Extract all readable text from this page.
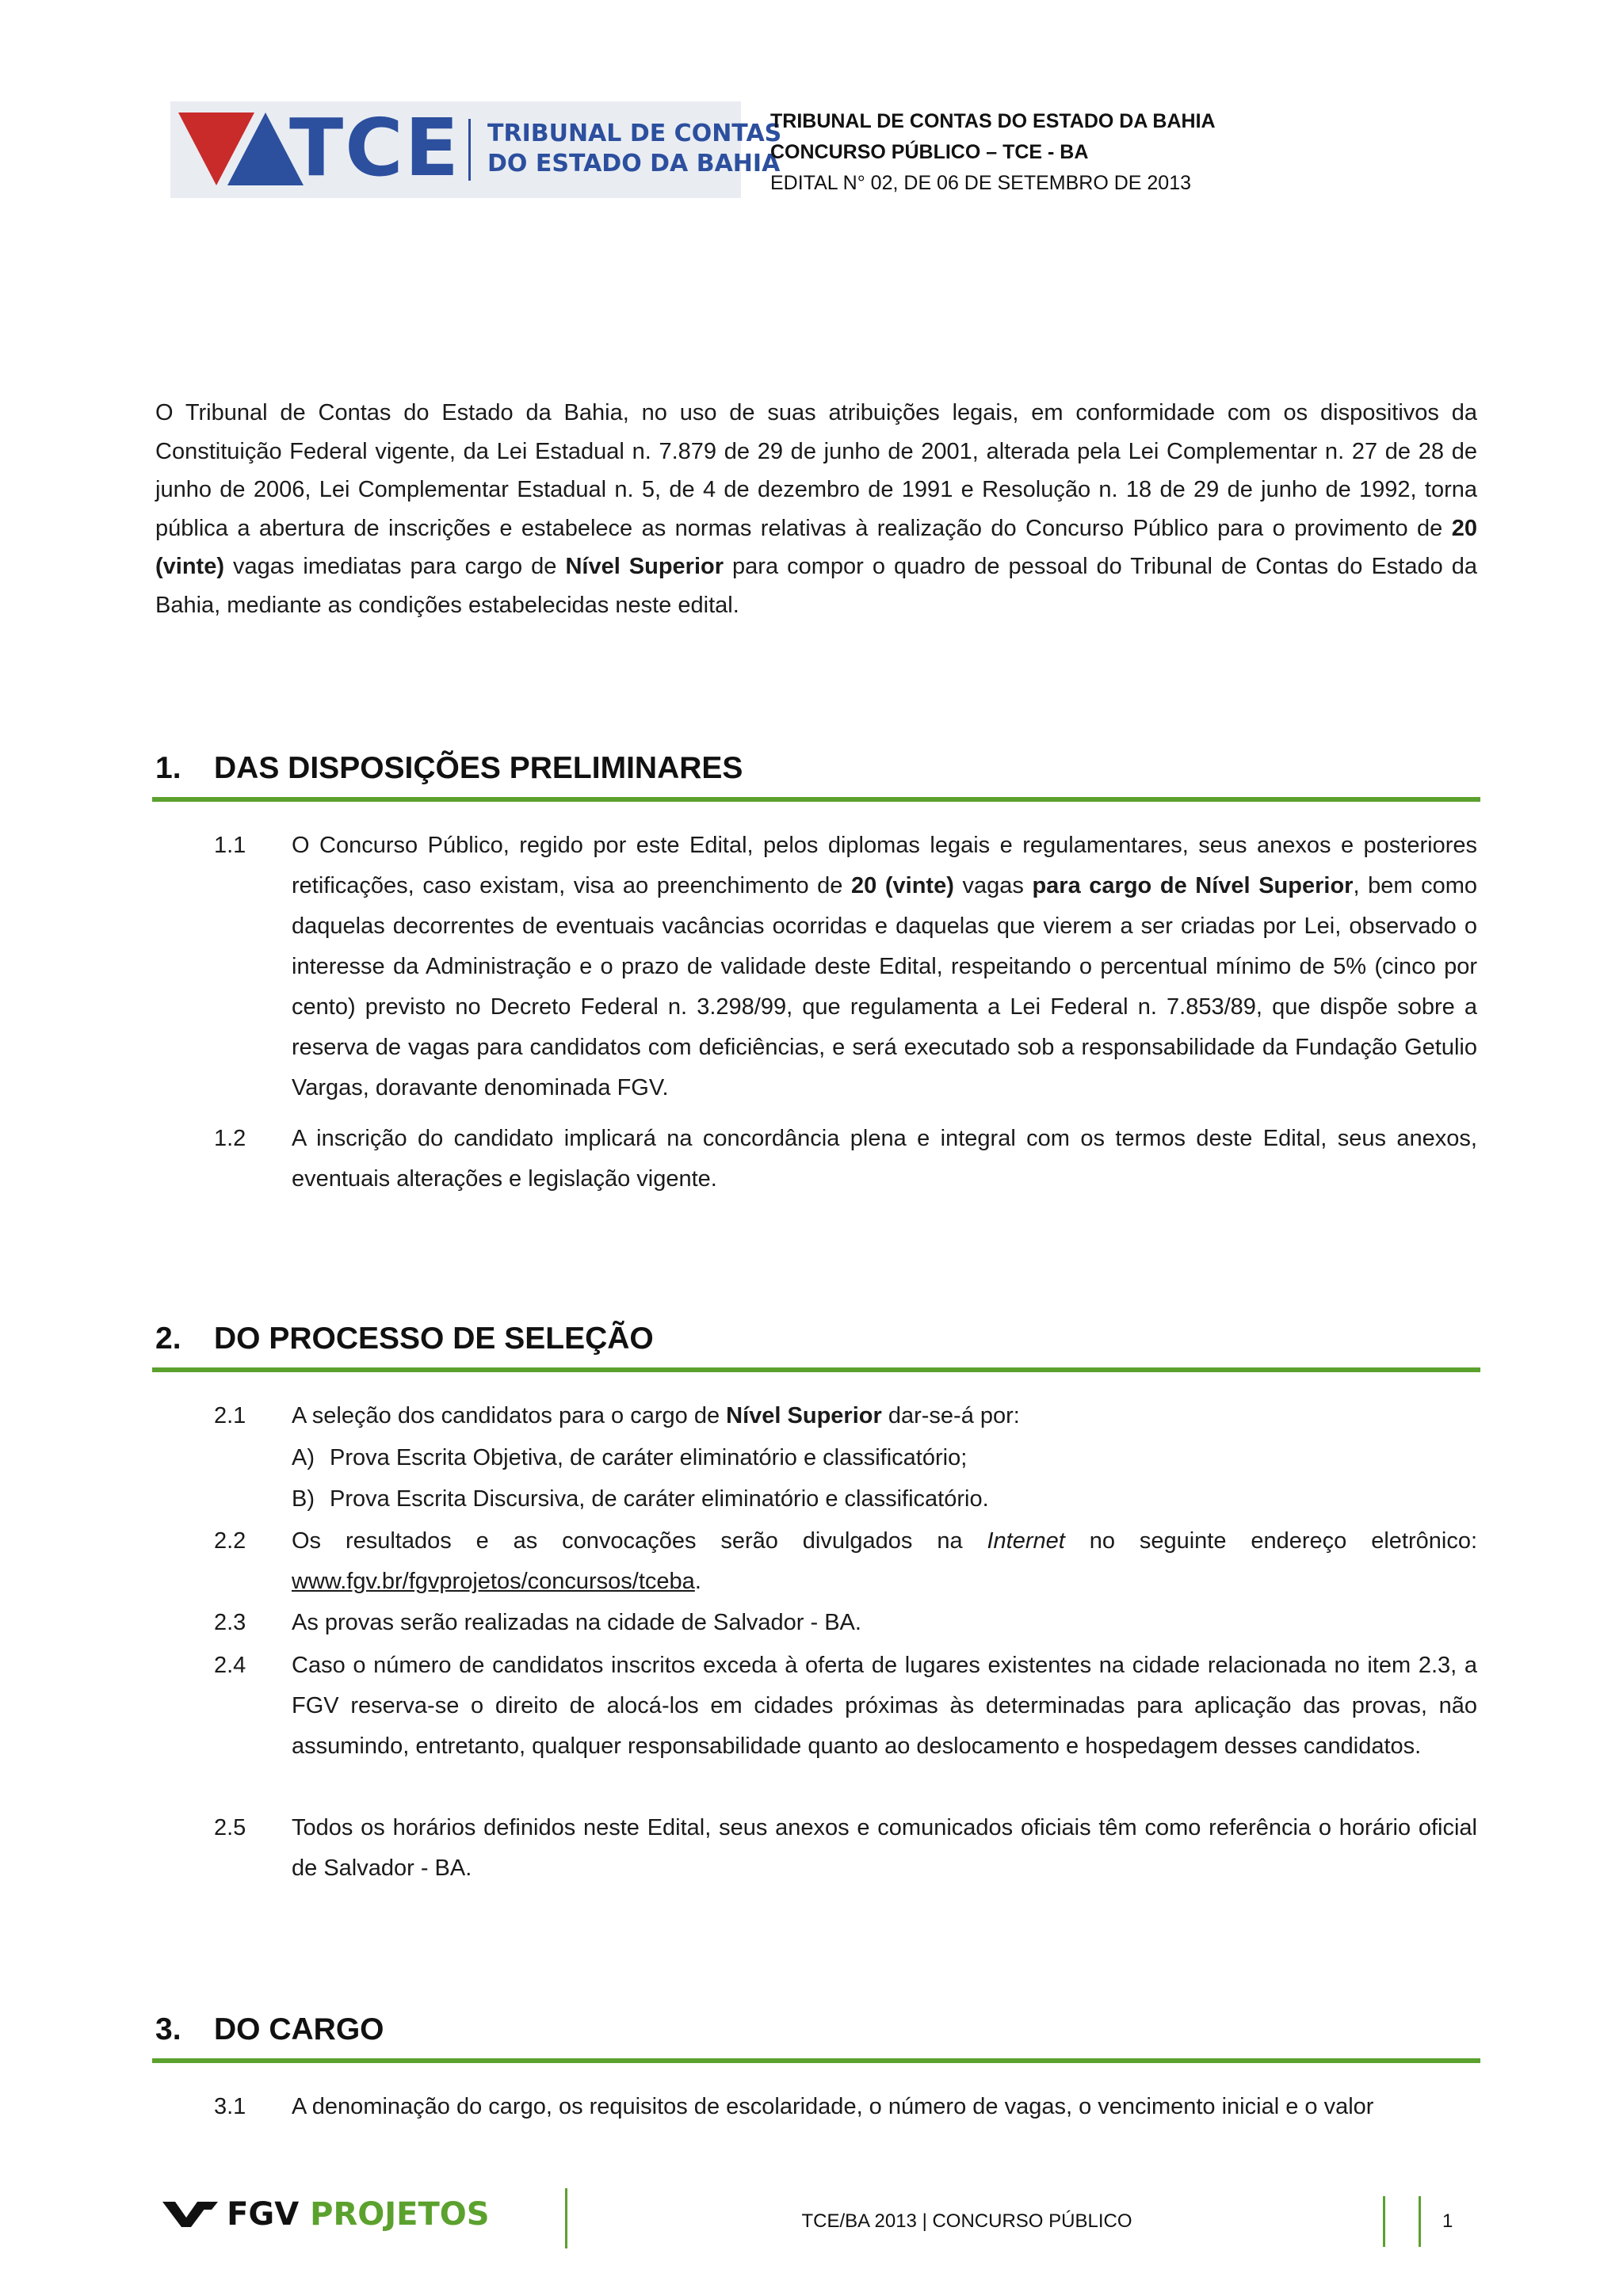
TCE TRIBUNAL DE CONTAS
DO ESTADO DA BAHIA
TRIBUNAL DE CONTAS DO ESTADO DA BAHIA
CONCURSO PÚBLICO – TCE - BA
EDITAL N° 02, DE 06 DE SETEMBRO DE 2013
O Tribunal de Contas do Estado da Bahia, no uso de suas atribuições legais, em conformidade com os dispositivos da Constituição Federal vigente, da Lei Estadual n. 7.879 de 29 de junho de 2001, alterada pela Lei Complementar n. 27 de 28 de junho de 2006, Lei Complementar Estadual n. 5, de 4 de dezembro de 1991 e Resolução n. 18 de 29 de junho de 1992, torna pública a abertura de inscrições e estabelece as normas relativas à realização do Concurso Público para o provimento de 20 (vinte) vagas imediatas para cargo de Nível Superior para compor o quadro de pessoal do Tribunal de Contas do Estado da Bahia, mediante as condições estabelecidas neste edital.
1. DAS DISPOSIÇÕES PRELIMINARES
1.1 O Concurso Público, regido por este Edital, pelos diplomas legais e regulamentares, seus anexos e posteriores retificações, caso existam, visa ao preenchimento de 20 (vinte) vagas para cargo de Nível Superior, bem como daquelas decorrentes de eventuais vacâncias ocorridas e daquelas que vierem a ser criadas por Lei, observado o interesse da Administração e o prazo de validade deste Edital, respeitando o percentual mínimo de 5% (cinco por cento) previsto no Decreto Federal n. 3.298/99, que regulamenta a Lei Federal n. 7.853/89, que dispõe sobre a reserva de vagas para candidatos com deficiências, e será executado sob a responsabilidade da Fundação Getulio Vargas, doravante denominada FGV.
1.2 A inscrição do candidato implicará na concordância plena e integral com os termos deste Edital, seus anexos, eventuais alterações e legislação vigente.
2. DO PROCESSO DE SELEÇÃO
2.1 A seleção dos candidatos para o cargo de Nível Superior dar-se-á por:
A) Prova Escrita Objetiva, de caráter eliminatório e classificatório;
B) Prova Escrita Discursiva, de caráter eliminatório e classificatório.
2.2 Os resultados e as convocações serão divulgados na Internet no seguinte endereço eletrônico: www.fgv.br/fgvprojetos/concursos/tceba.
2.3 As provas serão realizadas na cidade de Salvador - BA.
2.4 Caso o número de candidatos inscritos exceda à oferta de lugares existentes na cidade relacionada no item 2.3, a FGV reserva-se o direito de alocá-los em cidades próximas às determinadas para aplicação das provas, não assumindo, entretanto, qualquer responsabilidade quanto ao deslocamento e hospedagem desses candidatos.
2.5 Todos os horários definidos neste Edital, seus anexos e comunicados oficiais têm como referência o horário oficial de Salvador - BA.
3. DO CARGO
3.1 A denominação do cargo, os requisitos de escolaridade, o número de vagas, o vencimento inicial e o valor
FGV PROJETOS	TCE/BA 2013 | CONCURSO PÚBLICO	1
